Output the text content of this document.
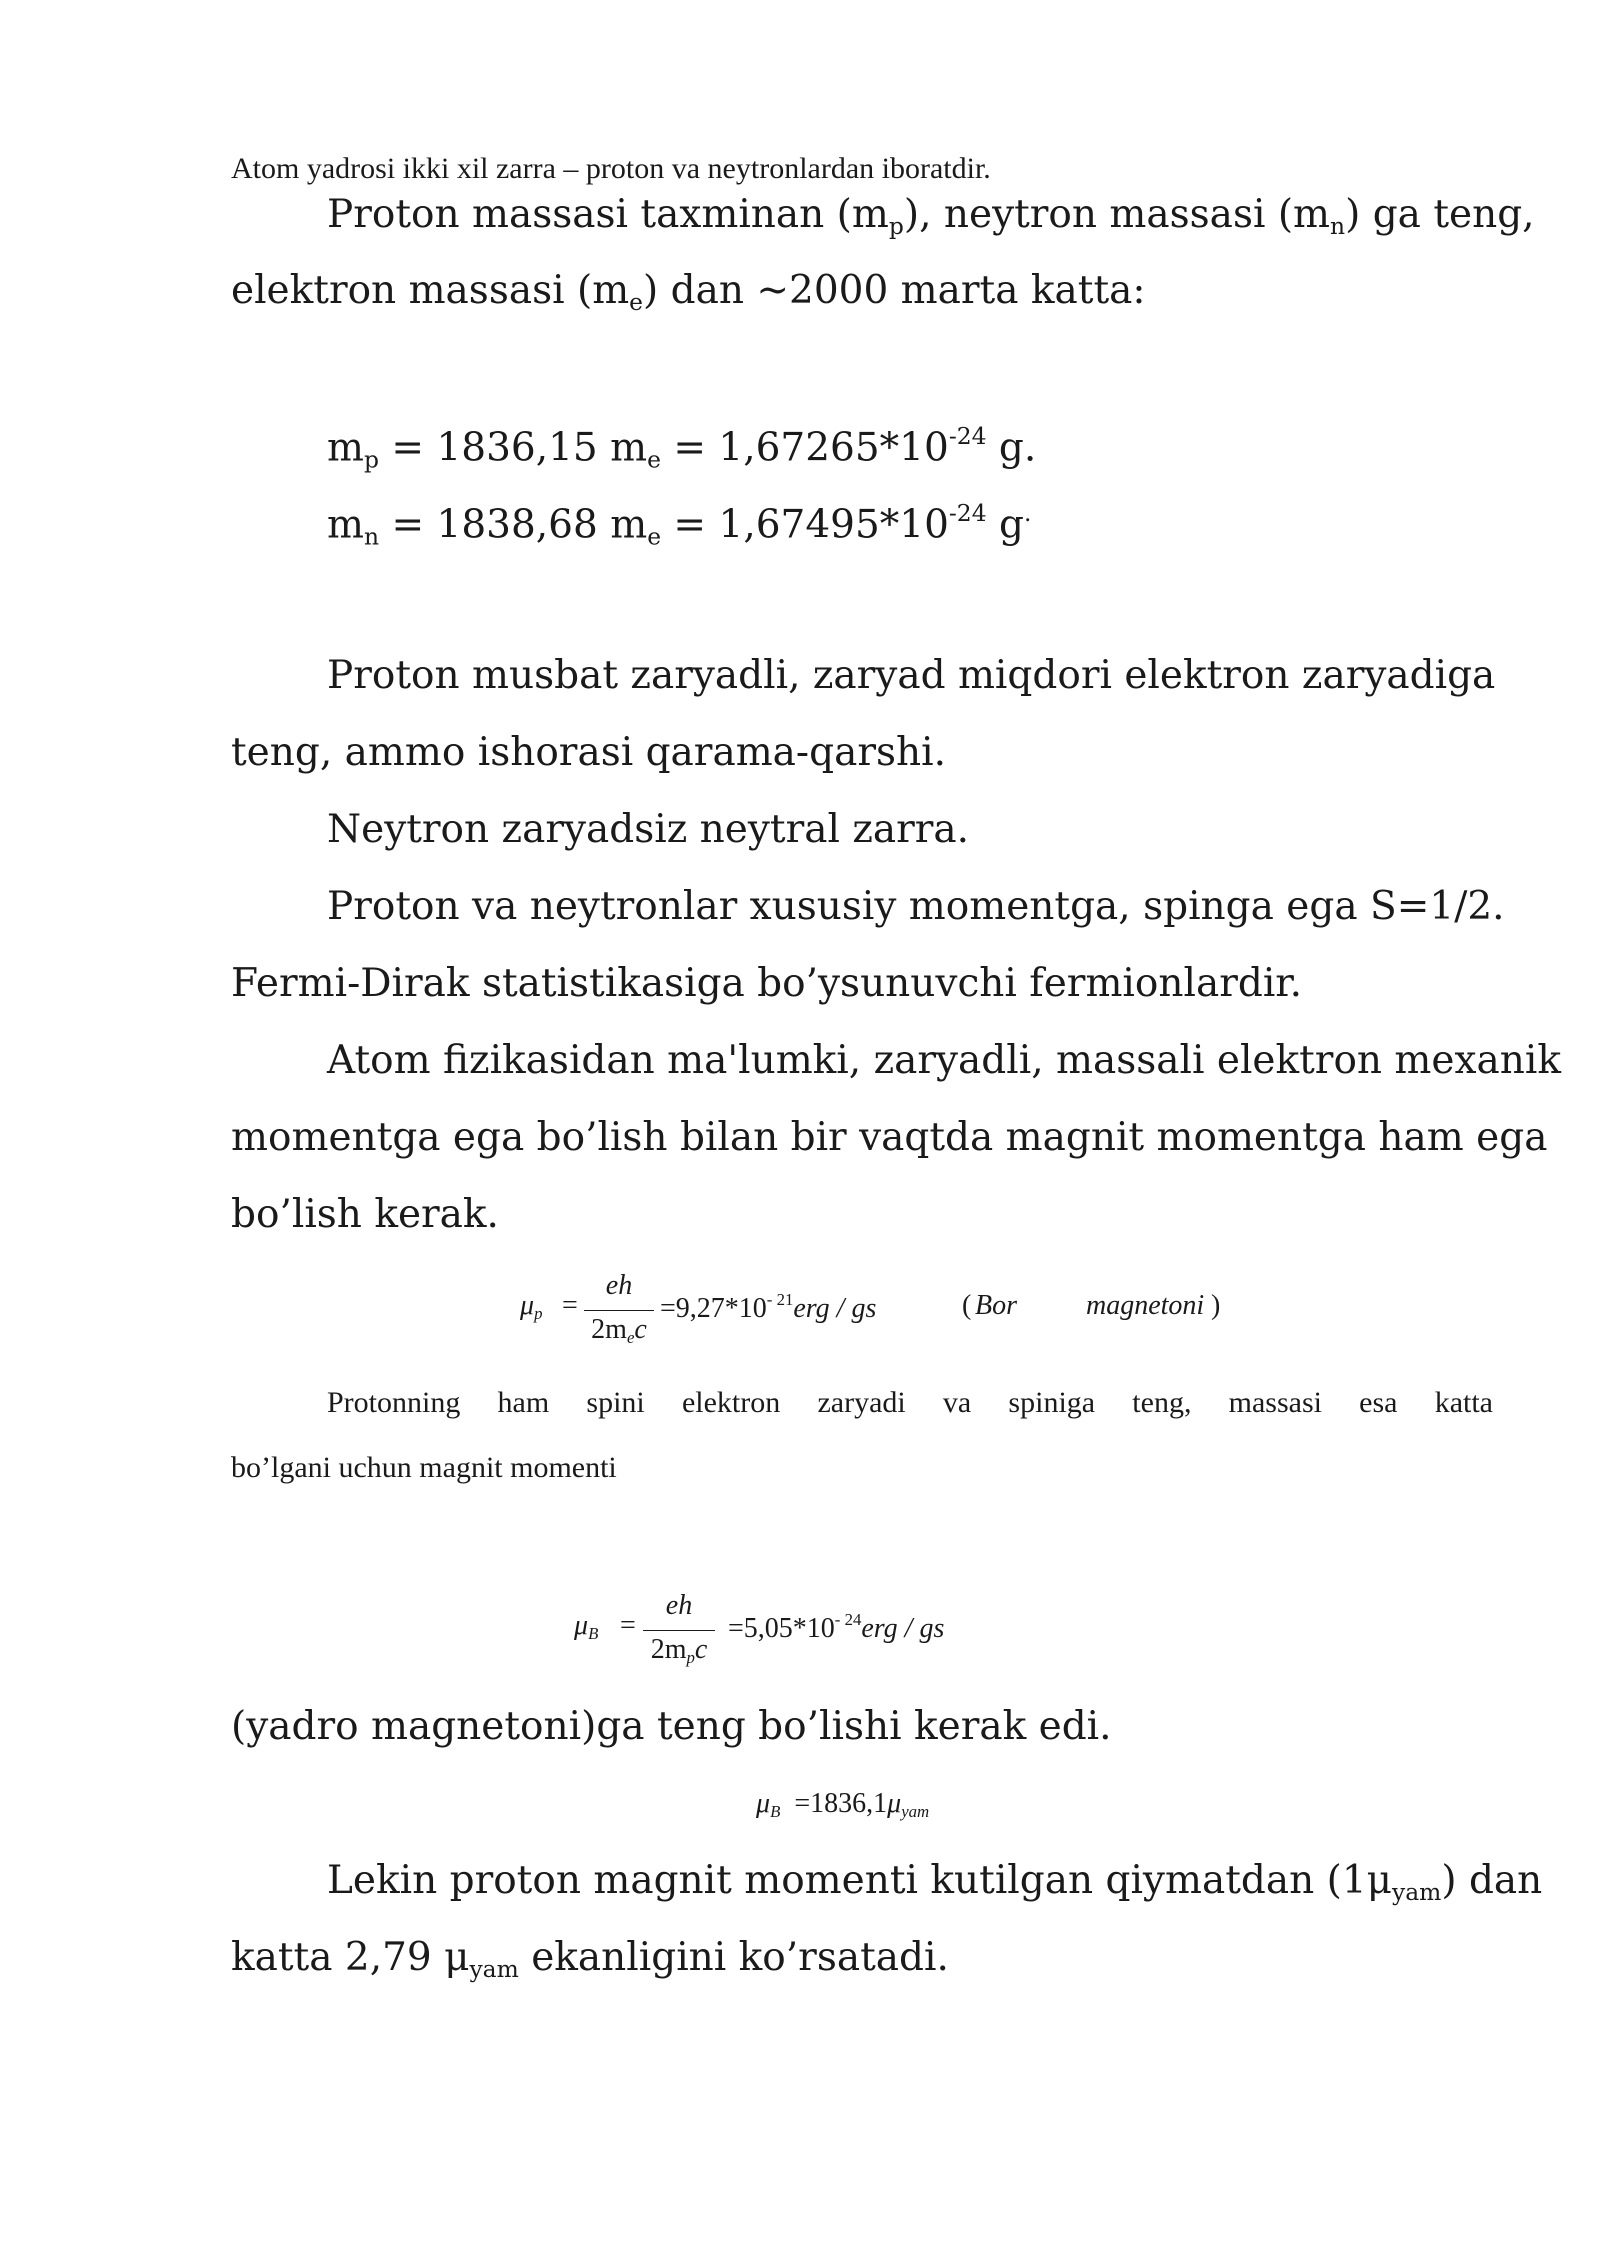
Atom yadrosi ikki xil zarra – proton va neytronlardan iboratdir.
Proton massasi taxminan $(m_p)$, neytron massasi $(m_n)$ ga teng,
elektron massasi $(m_e)$ dan ~2000 marta katta:
$m_p = 1836,15$ $m_e = 1,67265*10^{-24}$ g.
$m_n = 1838,68$ $m_e = 1,67495*10^{-24}$ g.
Proton musbat zaryadli, zaryad miqdori elektron zaryadiga
teng, ammo ishorasi qarama-qarshi.
Neytron zaryadsiz neytral zarra.
Proton va neytronlar xususiy momentga, spinga ega S=1/2.
Fermi-Dirak statistikasiga bo’ysunuvchi fermionlardir.
Atom fizikasidan ma'lumki, zaryadli, massali elektron mexanik
momentga ega bo’lish bilan bir vaqtda magnit momentga ham ega
bo’lish kerak.
$\mu_p$ =
eh
$2m_ec$
$=9,27*10^{- 21}erg$ / gs	( Bor magnetoni )
Protonning ham spini elektron zaryadi va spiniga teng, massasi esa katta
bo’lgani uchun magnit momenti
$\mu_B$ =
eh
$2m_pc$
$=5,05*10^{- 24}erg$ / gs
(yadro magnetoni)ga teng bo’lishi kerak edi.
$\mu_B =1836,1\mu_{yam}$
Lekin proton magnit momenti kutilgan qiymatdan $(1\mu_{yam})$ dan
katta 2,79 $\mu_{yam}$ ekanligini ko’rsatadi.
